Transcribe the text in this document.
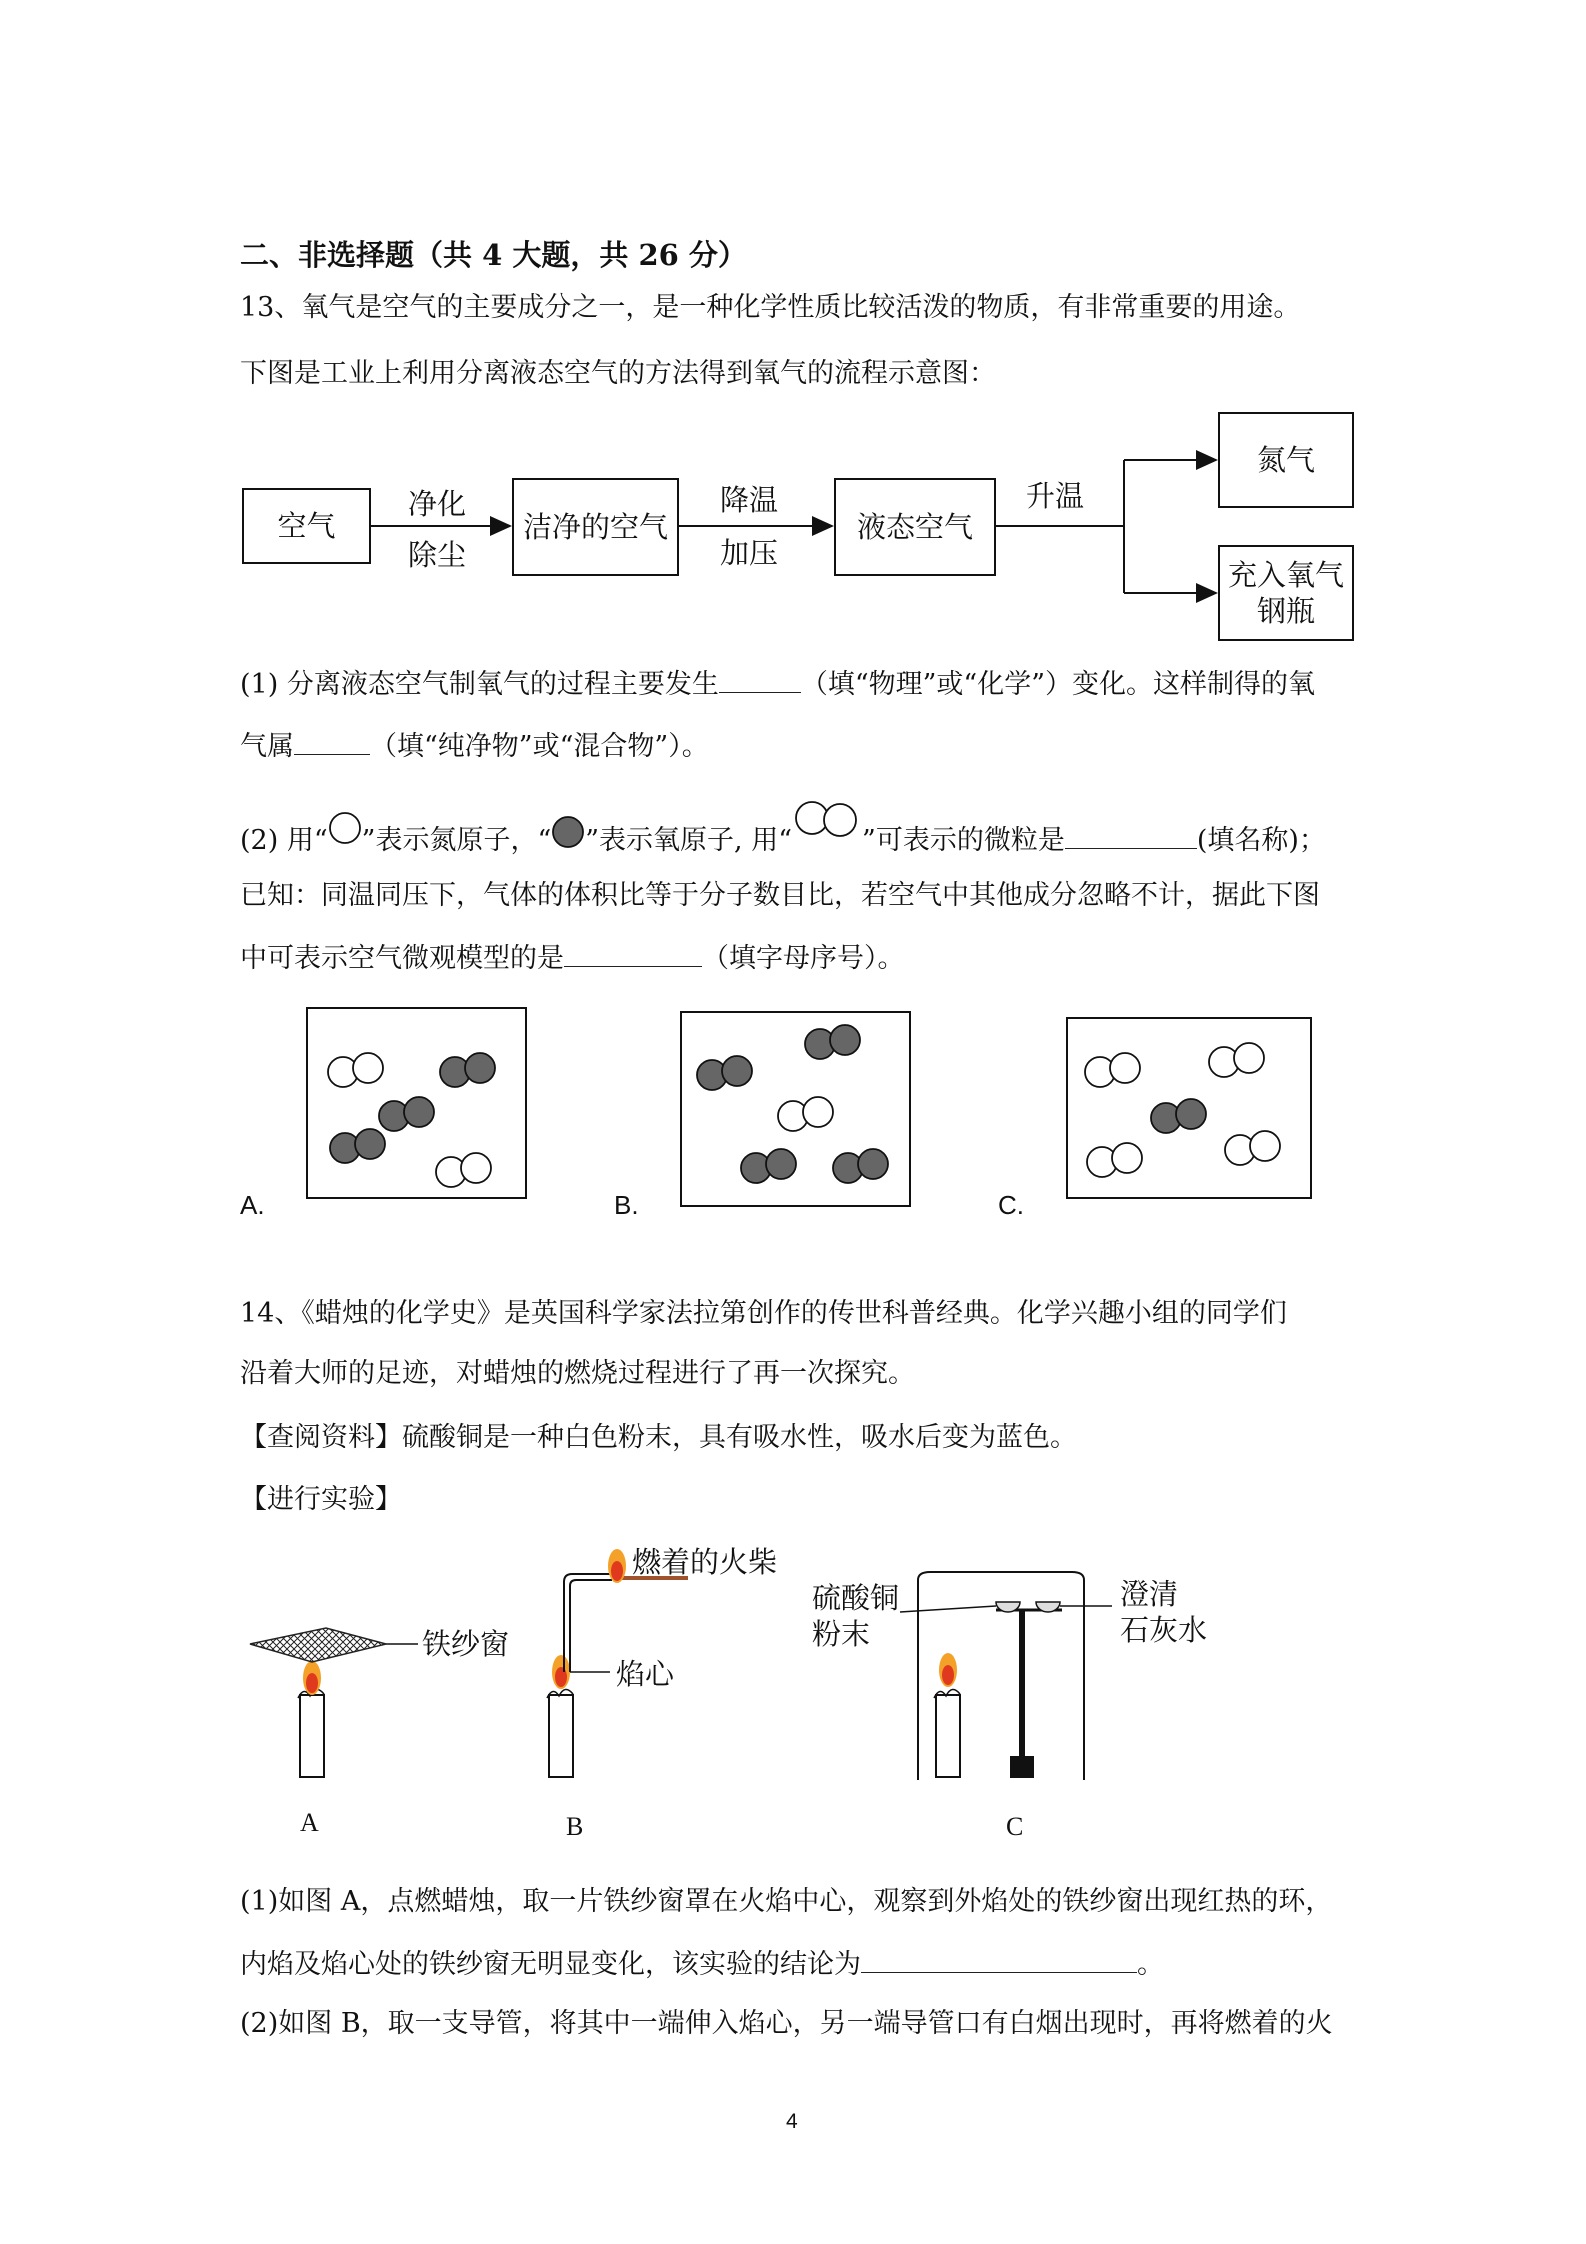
二、非选择题（共 4 大题，共 26 分）
13、氧气是空气的主要成分之一，是一种化学性质比较活泼的物质，有非常重要的用途。
下图是工业上利用分离液态空气的方法得到氧气的流程示意图：
空气
净化
除尘
洁净的空气
降温
加压
液态空气
升温
氮气
充入氧气
钢瓶
(1) 分离液态空气制氧气的过程主要发生	（填“物理”或“化学”）变化。这样制得的氧
气属	（填“纯净物”或“混合物”）。
(2) 用“ ”表示氮原子，“ ”表示氧原子, 用“	”可表示的微粒是	(填名称)；
已知：同温同压下，气体的体积比等于分子数目比，若空气中其他成分忽略不计，据此下图
中可表示空气微观模型的是	（填字母序号）。
A.	B.	C.
14、《蜡烛的化学史》是英国科学家法拉第创作的传世科普经典。化学兴趣小组的同学们
沿着大师的足迹，对蜡烛的燃烧过程进行了再一次探究。
【查阅资料】硫酸铜是一种白色粉末，具有吸水性，吸水后变为蓝色。
【进行实验】
铁纱窗
燃着的火柴
焰心
硫酸铜
粉末
澄清
石灰水
A	B	C
(1)如图 A，点燃蜡烛，取一片铁纱窗罩在火焰中心，观察到外焰处的铁纱窗出现红热的环，
内焰及焰心处的铁纱窗无明显变化，该实验的结论为	。
(2)如图 B，取一支导管，将其中一端伸入焰心，另一端导管口有白烟出现时，再将燃着的火
4
